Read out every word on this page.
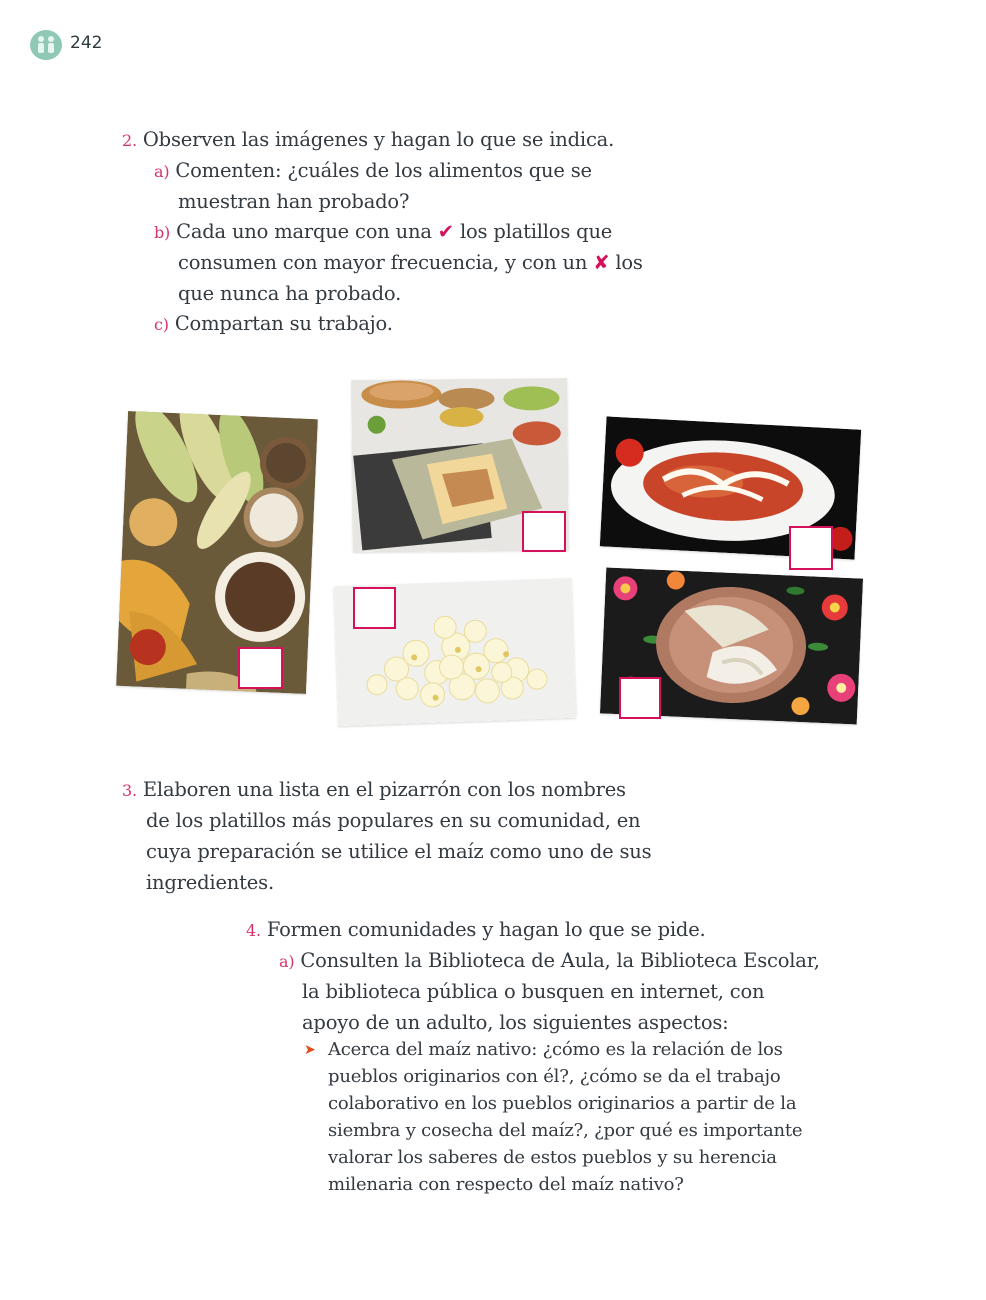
242
2. Observen las imágenes y hagan lo que se indica.
a) Comenten: ¿cuáles de los alimentos que se
muestran han probado?
b) Cada uno marque con una ✔ los platillos que
consumen con mayor frecuencia, y con un ✘ los
que nunca ha probado.
c) Compartan su trabajo.
3. Elaboren una lista en el pizarrón con los nombres
de los platillos más populares en su comunidad, en
cuya preparación se utilice el maíz como uno de sus
ingredientes.
4. Formen comunidades y hagan lo que se pide.
a) Consulten la Biblioteca de Aula, la Biblioteca Escolar,
la biblioteca pública o busquen en internet, con
apoyo de un adulto, los siguientes aspectos:
➤ Acerca del maíz nativo: ¿cómo es la relación de los
pueblos originarios con él?, ¿cómo se da el trabajo
colaborativo en los pueblos originarios a partir de la
siembra y cosecha del maíz?, ¿por qué es importante
valorar los saberes de estos pueblos y su herencia
milenaria con respecto del maíz nativo?
